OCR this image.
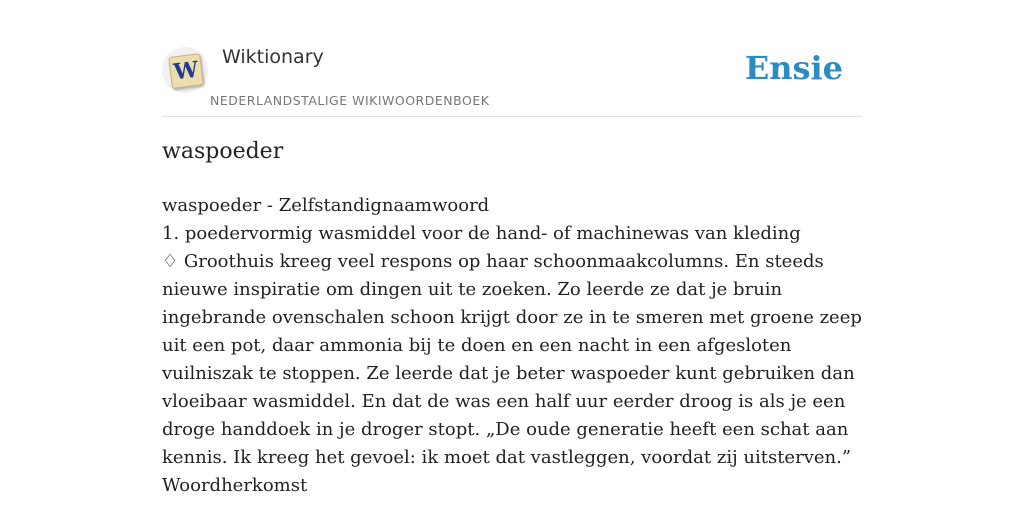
W Wiktionary
NEDERLANDSTALIGE WIKIWOORDENBOEK
Ensie
waspoeder

waspoeder - Zelfstandignaamwoord

1. poedervormig wasmiddel voor de hand- of machinewas van kleding

♢ Groothuis kreeg veel respons op haar schoonmaakcolumns. En steeds nieuwe inspiratie om dingen uit te zoeken. Zo leerde ze dat je bruin ingebrande ovenschalen schoon krijgt door ze in te smeren met groene zeep uit een pot, daar ammonia bij te doen en een nacht in een afgesloten vuilniszak te stoppen. Ze leerde dat je beter waspoeder kunt gebruiken dan vloeibaar wasmiddel. En dat de was een half uur eerder droog is als je een droge handdoek in je droger stopt. „De oude generatie heeft een schat aan kennis. Ik kreeg het gevoel: ik moet dat vastleggen, voordat zij uitsterven.”

Woordherkomst
